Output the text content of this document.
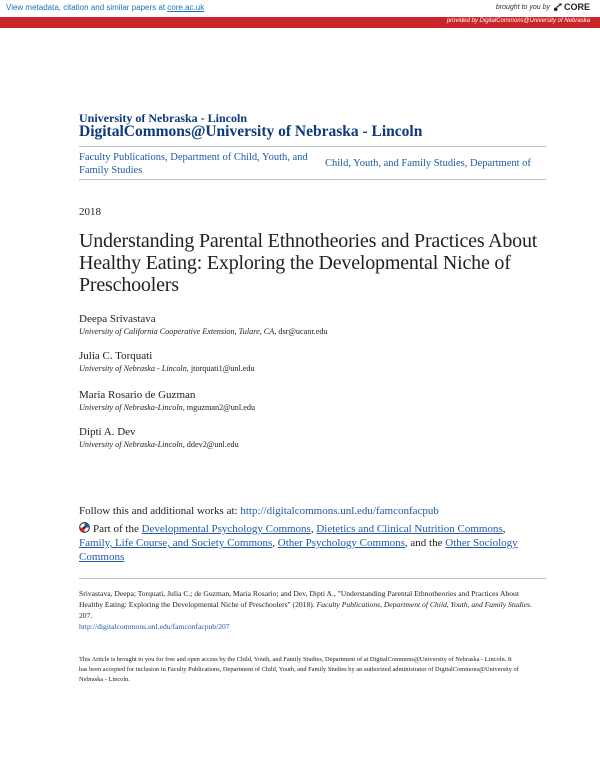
View metadata, citation and similar papers at core.ac.uk	brought to you by CORE
provided by DigitalCommons@University of Nebraska
University of Nebraska - Lincoln
DigitalCommons@University of Nebraska - Lincoln
Faculty Publications, Department of Child, Youth, and Family Studies
Child, Youth, and Family Studies, Department of
2018
Understanding Parental Ethnotheories and Practices About Healthy Eating: Exploring the Developmental Niche of Preschoolers
Deepa Srivastava
University of California Cooperative Extension, Tulare, CA, dsr@ucanr.edu
Julia C. Torquati
University of Nebraska - Lincoln, jtorquati1@unl.edu
Maria Rosario de Guzman
University of Nebraska-Lincoln, mguzman2@unl.edu
Dipti A. Dev
University of Nebraska-Lincoln, ddev2@unl.edu
Follow this and additional works at: http://digitalcommons.unl.edu/famconfacpub
Part of the Developmental Psychology Commons, Dietetics and Clinical Nutrition Commons, Family, Life Course, and Society Commons, Other Psychology Commons, and the Other Sociology Commons
Srivastava, Deepa; Torquati, Julia C.; de Guzman, Maria Rosario; and Dev, Dipti A., "Understanding Parental Ethnotheories and Practices About Healthy Eating: Exploring the Developmental Niche of Preschoolers" (2018). Faculty Publications, Department of Child, Youth, and Family Studies. 207.
http://digitalcommons.unl.edu/famconfacpub/207
This Article is brought to you for free and open access by the Child, Youth, and Family Studies, Department of at DigitalCommons@University of Nebraska - Lincoln. It has been accepted for inclusion in Faculty Publications, Department of Child, Youth, and Family Studies by an authorized administrator of DigitalCommons@University of Nebraska - Lincoln.
